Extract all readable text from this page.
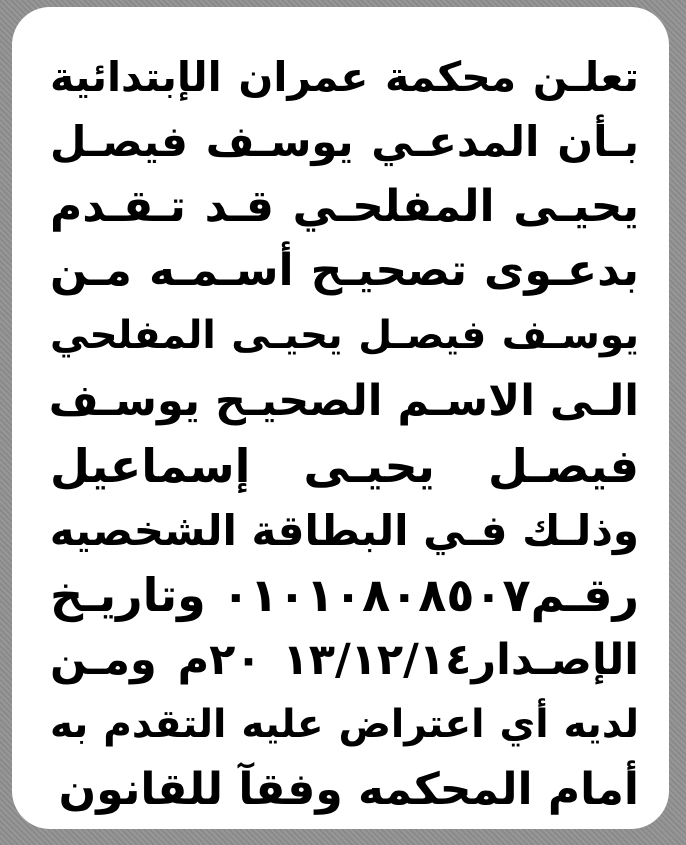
تعلـن محكمة عمران الإبتدائية
بـأن المدعـي يوسـف فيصـل
يحيـى المفلحـي قـد تـقـدم
بدعـوى تصحيـح أسـمـه مـن
يوسـف فيصـل يحيـى المفلحي
الـى الاسـم الصحيـح يوسـف
فيصـل يحيـى إسماعيل
وذلـك فـي البطاقة الشخصيه
رقـم٠١٠١٠٨٠٨٥٠٧ وتاريـخ
الإصـدار١٣/١٢/١٤ ٢٠م ومـن
لديه أي اعتراض عليه التقدم به
أمام المحكمه وفقآ للقانون
